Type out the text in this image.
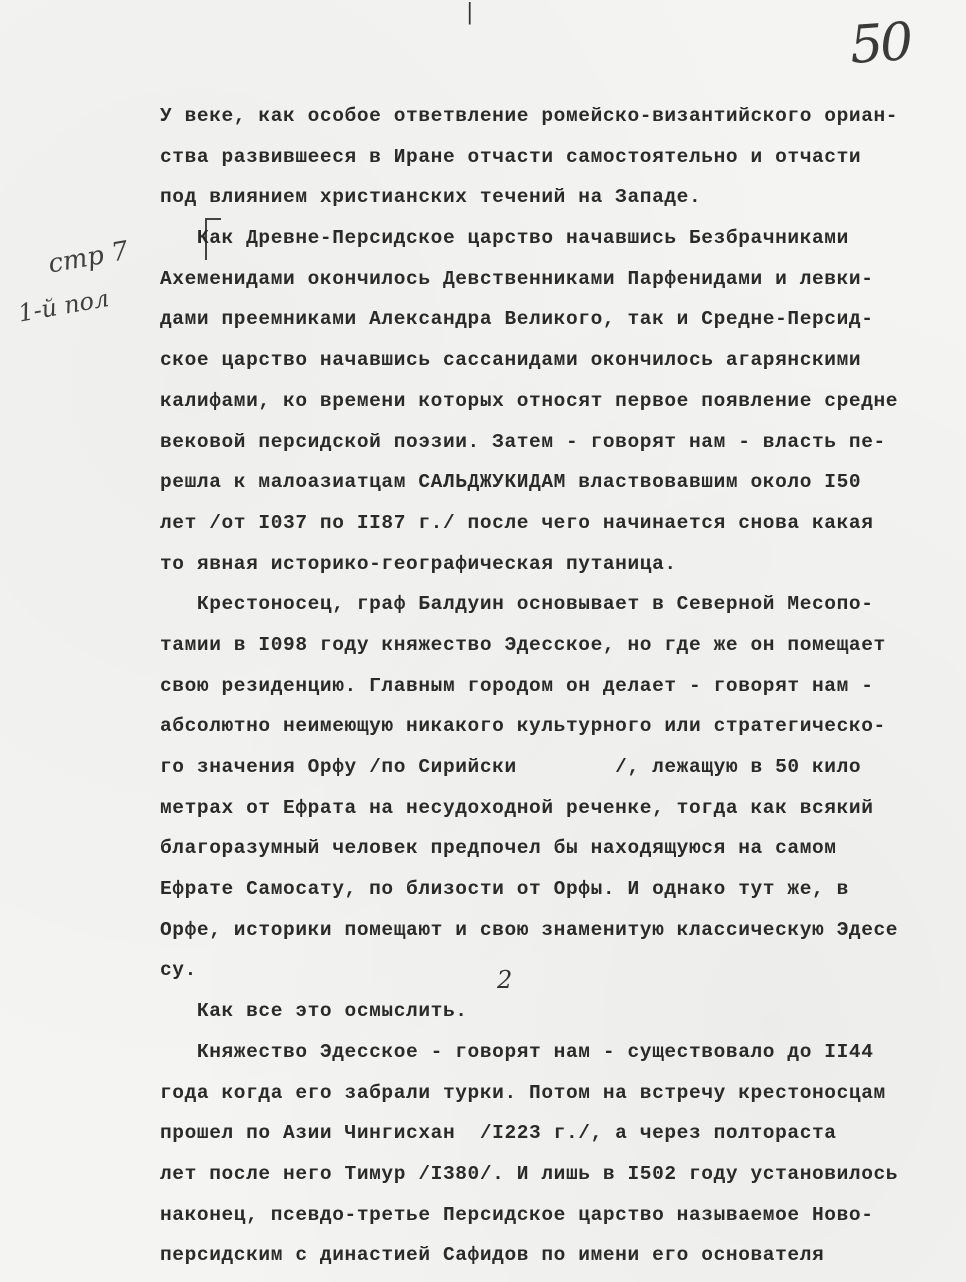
|	50
стр 7
1-й пол
У веке, как особое ответвление ромейско-византийского ориан-
ства развившееся в Иране отчасти самостоятельно и отчасти
под влиянием христианских течений на Западе.
Как Древне-Персидское царство начавшись Безбрачниками
Ахеменидами окончилось Девственниками Парфенидами и левки-
дами преемниками Александра Великого, так и Средне-Персид-
ское царство начавшись сассанидами окончилось агарянскими
калифами, ко времени которых относят первое появление средне
вековой персидской поэзии. Затем - говорят нам - власть пе-
решла к малоазиатцам САЛЬДЖУКИДАМ властвовавшим около I50
лет /от I037 по II87 г./ после чего начинается снова какая
то явная историко-географическая путаница.
Крестоносец, граф Балдуин основывает в Северной Месопо-
тамии в I098 году княжество Эдесское, но где же он помещает
свою резиденцию. Главным городом он делает - говорят нам -
абсолютно неимеющую никакого культурного или стратегическо-
го значения Орфу /по Сирийски        /, лежащую в 50 кило
метрах от Ефрата на несудоходной реченке, тогда как всякий
благоразумный человек предпочел бы находящуюся на самом
Ефрате Самосату, по близости от Орфы. И однако тут же, в
Орфе, историки помещают и свою знаменитую классическую Эдесе
су.
Как все это осмыслить.
Княжество Эдесское - говорят нам - существовало до II44
года когда его забрали турки. Потом на встречу крестоносцам
прошел по Азии Чингисхан  /I223 г./, а через полтораста
лет после него Тимур /I380/. И лишь в I502 году установилось
наконец, псевдо-третье Персидское царство называемое Ново-
персидским с династией Сафидов по имени его основателя
2
